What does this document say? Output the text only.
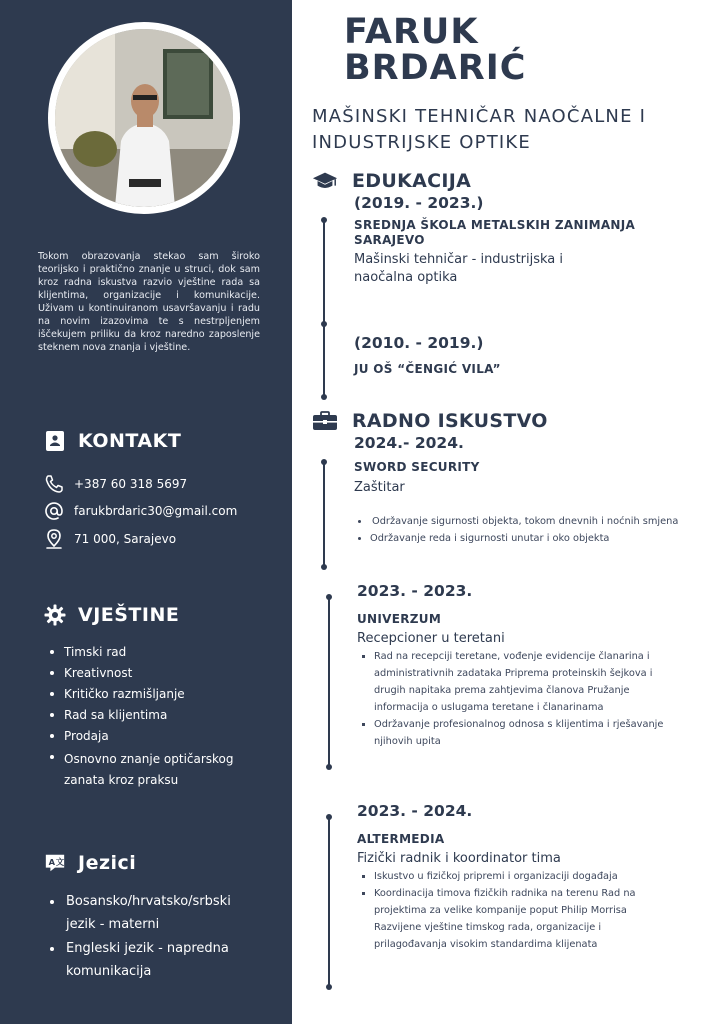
Tokom obrazovanja stekao sam široko teorijsko i praktično znanje u struci, dok sam kroz radna iskustva razvio vještine rada sa klijentima, organizacije i komunikacije. Uživam u kontinuiranom usavršavanju i radu na novim izazovima te s nestrpljenjem iščekujem priliku da kroz naredno zaposlenje steknem nova znanja i vještine.

KONTAKT
+387 60 318 5697
farukbrdaric30@gmail.com
71 000, Sarajevo
VJEŠTINE
Timski rad
Kreativnost
Kritičko razmišljanje
Rad sa klijentima
Prodaja
Osnovno znanje optičarskog zanata kroz praksu
A 文 Jezici
Bosansko/hrvatsko/srbski jezik - materni
Engleski jezik - napredna komunikacija
FARUK
BRDARIĆ
MAŠINSKI TEHNIČAR NAOČALNE I INDUSTRIJSKE OPTIKE
EDUKACIJA
(2019. - 2023.)
SREDNJA ŠKOLA METALSKIH ZANIMANJA SARAJEVO
Mašinski tehničar - industrijska i naočalna optika
(2010. - 2019.)
JU OŠ “ČENGIĆ VILA”
RADNO ISKUSTVO
2024.- 2024.
SWORD SECURITY
Zaštitar
Održavanje sigurnosti objekta, tokom dnevnih i noćnih smjena
Održavanje reda i sigurnosti unutar i oko objekta
2023. - 2023.
UNIVERZUM
Recepcioner u teretani
Rad na recepciji teretane, vođenje evidencije članarina i administrativnih zadataka Priprema proteinskih šejkova i drugih napitaka prema zahtjevima članova Pružanje informacija o uslugama teretane i članarinama
Održavanje profesionalnog odnosa s klijentima i rješavanje njihovih upita
2023. - 2024.
ALTERMEDIA
Fizički radnik i koordinator tima
Iskustvo u fizičkoj pripremi i organizaciji događaja
Koordinacija timova fizičkih radnika na terenu Rad na projektima za velike kompanije poput Philip Morrisa Razvijene vještine timskog rada, organizacije i prilagođavanja visokim standardima klijenata
